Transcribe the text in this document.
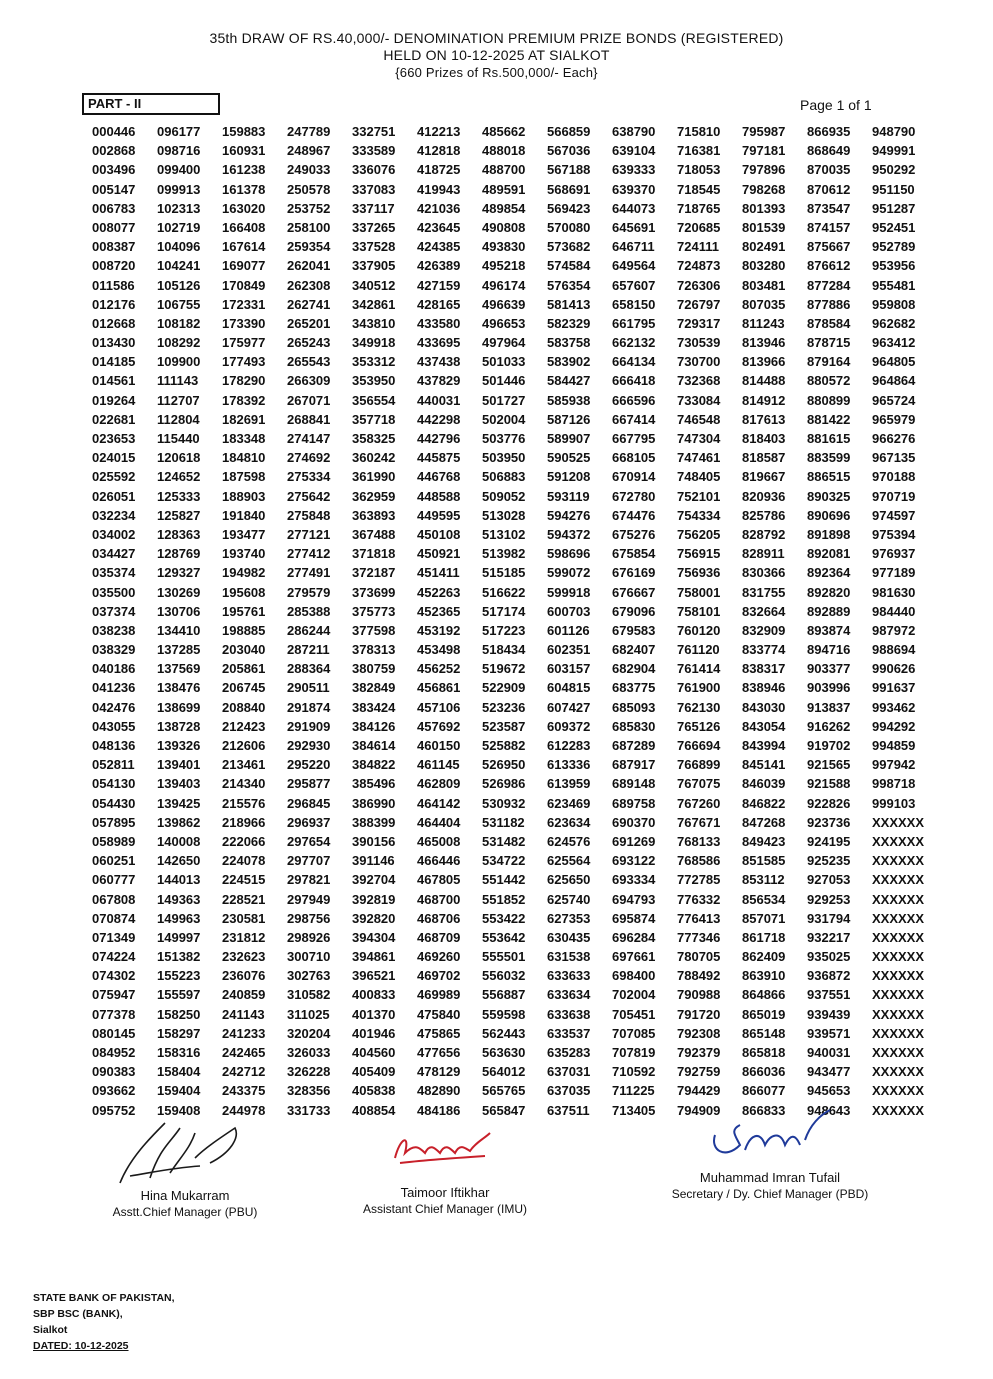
35th DRAW OF RS.40,000/- DENOMINATION PREMIUM PRIZE BONDS (REGISTERED)
HELD ON 10-12-2025 AT SIALKOT
{660 Prizes of Rs.500,000/- Each}
PART - II	Page 1 of 1
000446	096177	159883	247789	332751	412213	485662	566859	638790	715810	795987	866935	948790
002868	098716	160931	248967	333589	412818	488018	567036	639104	716381	797181	868649	949991
003496	099400	161238	249033	336076	418725	488700	567188	639333	718053	797896	870035	950292
005147	099913	161378	250578	337083	419943	489591	568691	639370	718545	798268	870612	951150
006783	102313	163020	253752	337117	421036	489854	569423	644073	718765	801393	873547	951287
008077	102719	166408	258100	337265	423645	490808	570080	645691	720685	801539	874157	952451
008387	104096	167614	259354	337528	424385	493830	573682	646711	724111	802491	875667	952789
008720	104241	169077	262041	337905	426389	495218	574584	649564	724873	803280	876612	953956
011586	105126	170849	262308	340512	427159	496174	576354	657607	726306	803481	877284	955481
012176	106755	172331	262741	342861	428165	496639	581413	658150	726797	807035	877886	959808
012668	108182	173390	265201	343810	433580	496653	582329	661795	729317	811243	878584	962682
013430	108292	175977	265243	349918	433695	497964	583758	662132	730539	813946	878715	963412
014185	109900	177493	265543	353312	437438	501033	583902	664134	730700	813966	879164	964805
014561	111143	178290	266309	353950	437829	501446	584427	666418	732368	814488	880572	964864
019264	112707	178392	267071	356554	440031	501727	585938	666596	733084	814912	880899	965724
022681	112804	182691	268841	357718	442298	502004	587126	667414	746548	817613	881422	965979
023653	115440	183348	274147	358325	442796	503776	589907	667795	747304	818403	881615	966276
024015	120618	184810	274692	360242	445875	503950	590525	668105	747461	818587	883599	967135
025592	124652	187598	275334	361990	446768	506883	591208	670914	748405	819667	886515	970188
026051	125333	188903	275642	362959	448588	509052	593119	672780	752101	820936	890325	970719
032234	125827	191840	275848	363893	449595	513028	594276	674476	754334	825786	890696	974597
034002	128363	193477	277121	367488	450108	513102	594372	675276	756205	828792	891898	975394
034427	128769	193740	277412	371818	450921	513982	598696	675854	756915	828911	892081	976937
035374	129327	194982	277491	372187	451411	515185	599072	676169	756936	830366	892364	977189
035500	130269	195608	279579	373699	452263	516622	599918	676667	758001	831755	892820	981630
037374	130706	195761	285388	375773	452365	517174	600703	679096	758101	832664	892889	984440
038238	134410	198885	286244	377598	453192	517223	601126	679583	760120	832909	893874	987972
038329	137285	203040	287211	378313	453498	518434	602351	682407	761120	833774	894716	988694
040186	137569	205861	288364	380759	456252	519672	603157	682904	761414	838317	903377	990626
041236	138476	206745	290511	382849	456861	522909	604815	683775	761900	838946	903996	991637
042476	138699	208840	291874	383424	457106	523236	607427	685093	762130	843030	913837	993462
043055	138728	212423	291909	384126	457692	523587	609372	685830	765126	843054	916262	994292
048136	139326	212606	292930	384614	460150	525882	612283	687289	766694	843994	919702	994859
052811	139401	213461	295220	384822	461145	526950	613336	687917	766899	845141	921565	997942
054130	139403	214340	295877	385496	462809	526986	613959	689148	767075	846039	921588	998718
054430	139425	215576	296845	386990	464142	530932	623469	689758	767260	846822	922826	999103
057895	139862	218966	296937	388399	464404	531182	623634	690370	767671	847268	923736	XXXXXX
058989	140008	222066	297654	390156	465008	531482	624576	691269	768133	849423	924195	XXXXXX
060251	142650	224078	297707	391146	466446	534722	625564	693122	768586	851585	925235	XXXXXX
060777	144013	224515	297821	392704	467805	551442	625650	693334	772785	853112	927053	XXXXXX
067808	149363	228521	297949	392819	468700	551852	625740	694793	776332	856534	929253	XXXXXX
070874	149963	230581	298756	392820	468706	553422	627353	695874	776413	857071	931794	XXXXXX
071349	149997	231812	298926	394304	468709	553642	630435	696284	777346	861718	932217	XXXXXX
074224	151382	232623	300710	394861	469260	555501	631538	697661	780705	862409	935025	XXXXXX
074302	155223	236076	302763	396521	469702	556032	633633	698400	788492	863910	936872	XXXXXX
075947	155597	240859	310582	400833	469989	556887	633634	702004	790988	864866	937551	XXXXXX
077378	158250	241143	311025	401370	475840	559598	633638	705451	791720	865019	939439	XXXXXX
080145	158297	241233	320204	401946	475865	562443	633537	707085	792308	865148	939571	XXXXXX
084952	158316	242465	326033	404560	477656	563630	635283	707819	792379	865818	940031	XXXXXX
090383	158404	242712	326228	405409	478129	564012	637031	710592	792759	866036	943477	XXXXXX
093662	159404	243375	328356	405838	482890	565765	637035	711225	794429	866077	945653	XXXXXX
095752	159408	244978	331733	408854	484186	565847	637511	713405	794909	866833	948643	XXXXXX
Hina Mukarram
Asstt.Chief Manager (PBU)
Taimoor Iftikhar
Assistant Chief Manager (IMU)
Muhammad Imran Tufail
Secretary / Dy. Chief Manager (PBD)
STATE BANK OF PAKISTAN,
SBP BSC (BANK),
Sialkot
DATED: 10-12-2025
